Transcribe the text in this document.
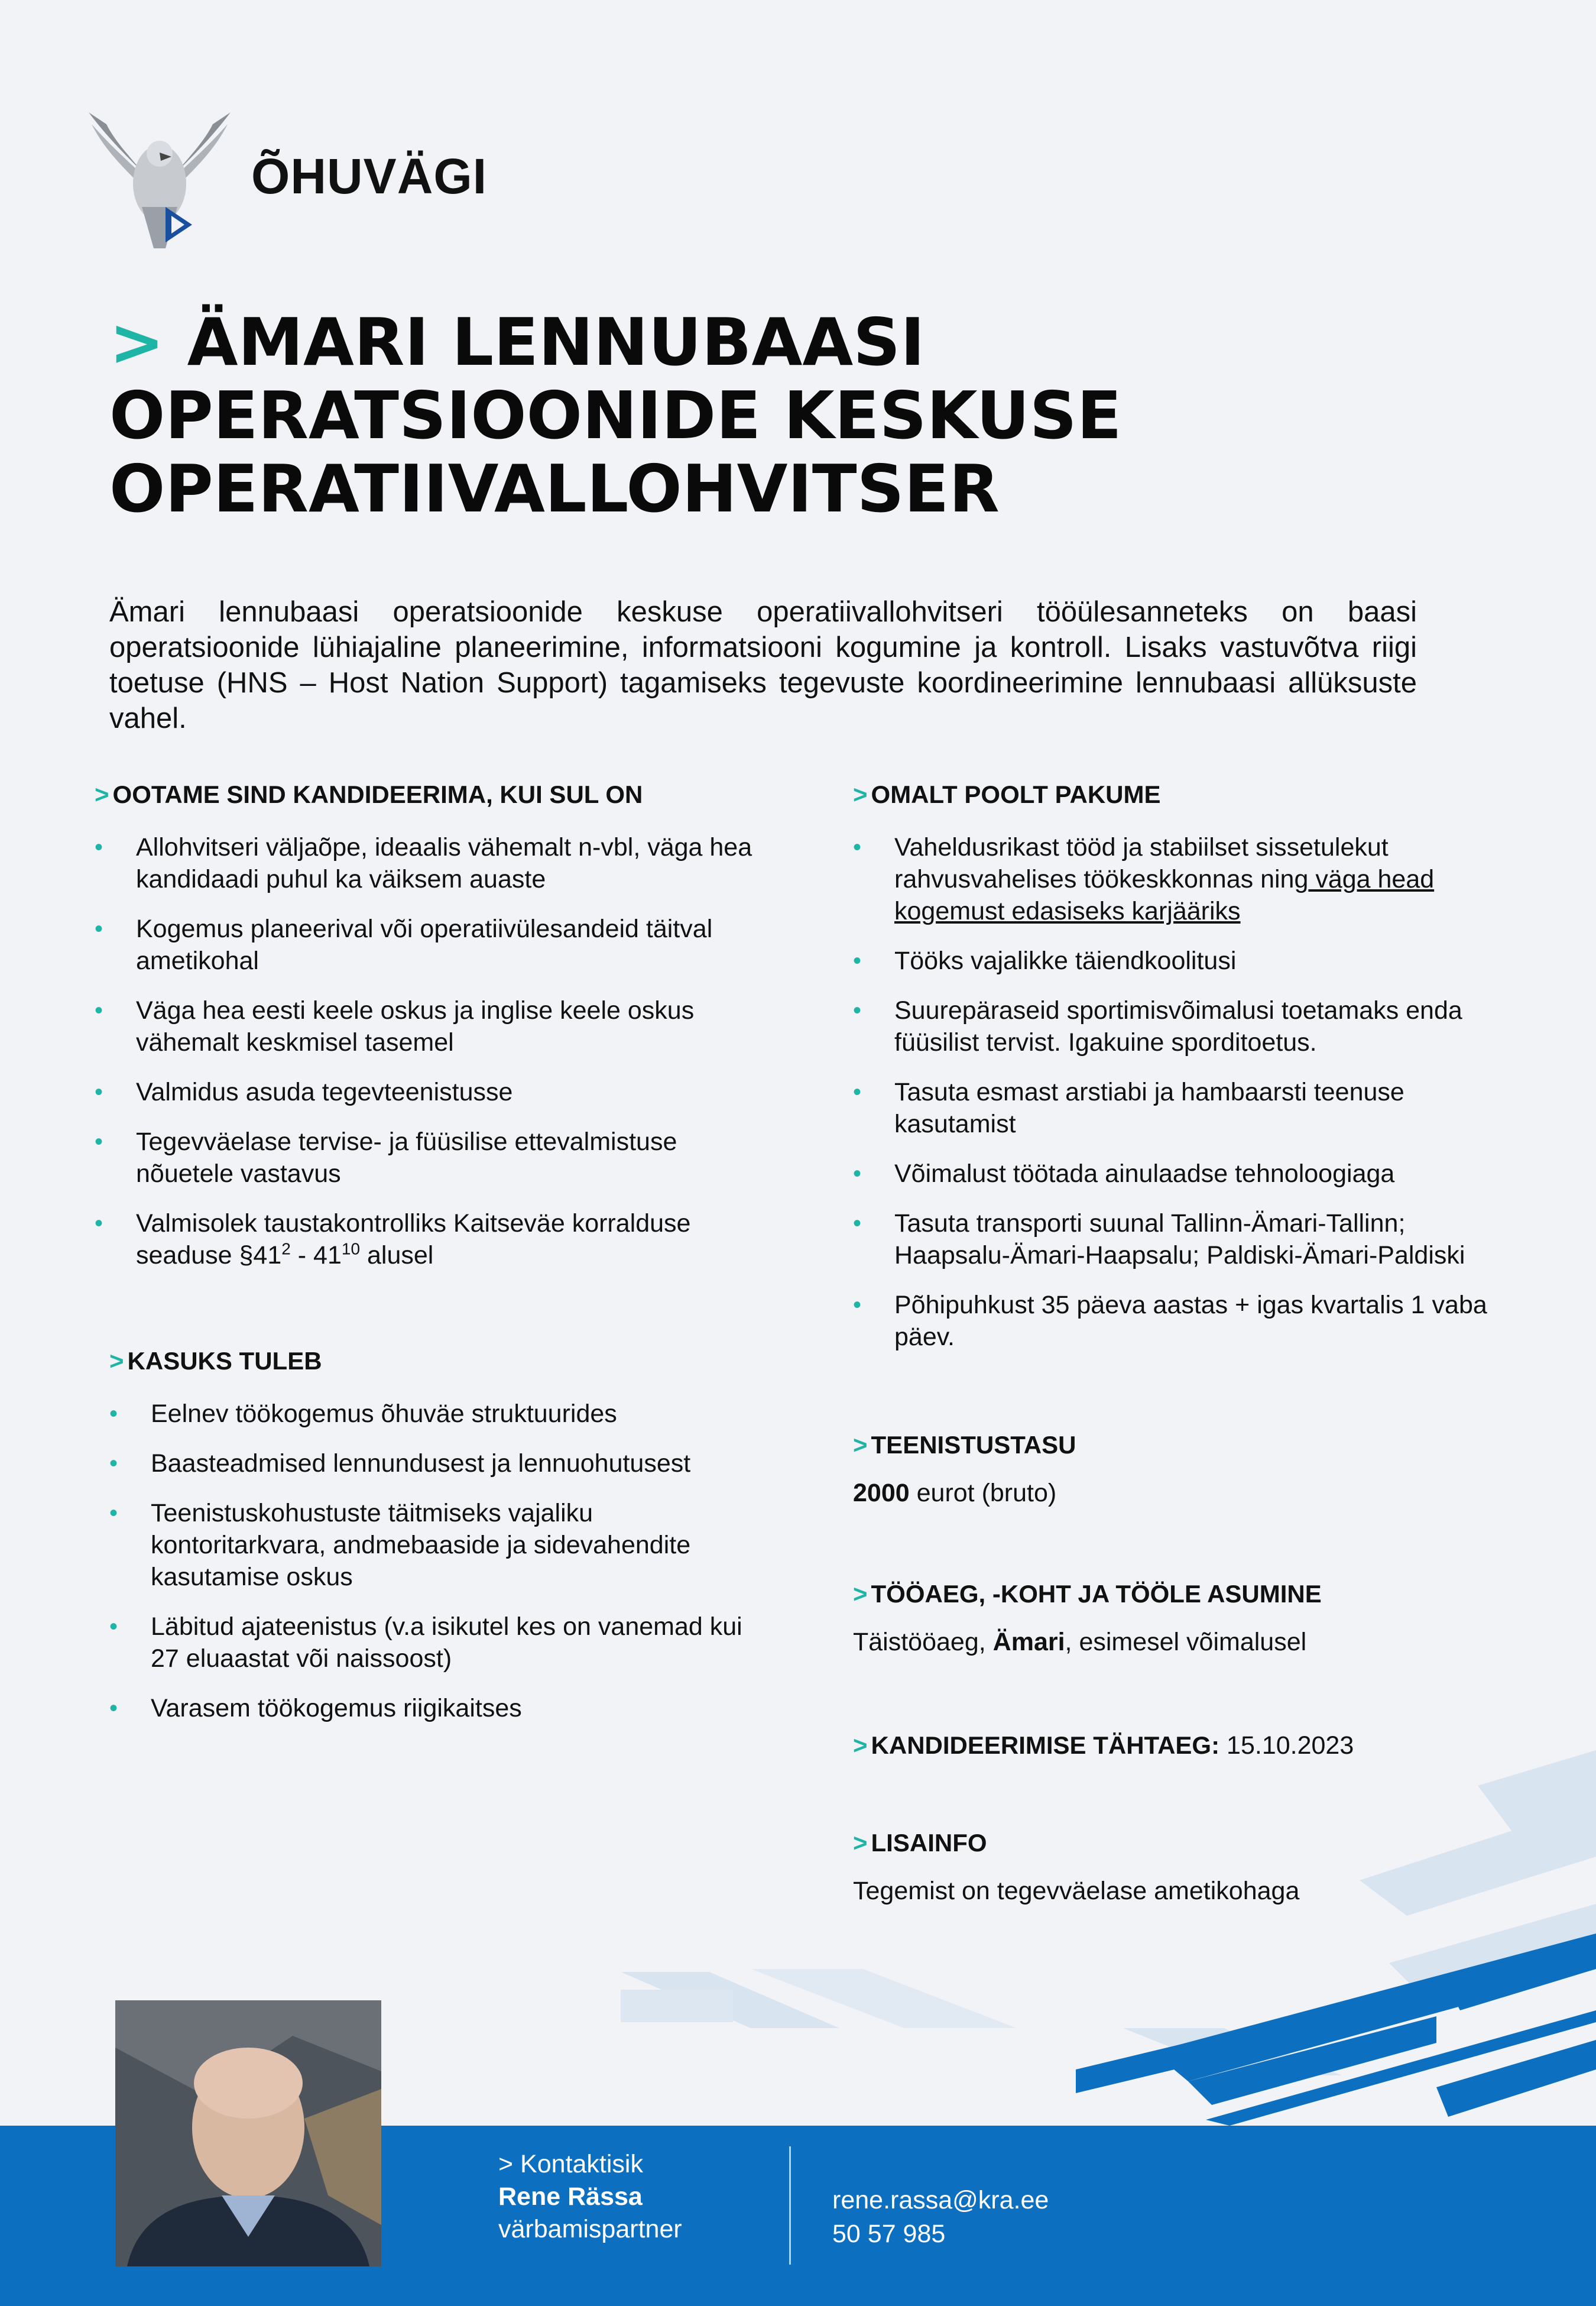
ÕHUVÄGI
> ÄMARI LENNUBAASI
OPERATSIOONIDE KESKUSE
OPERATIIVALLOHVITSER
Ämari lennubaasi operatsioonide keskuse operatiivallohvitseri tööülesanneteks on baasi operatsioonide lühiajaline planeerimine, informatsiooni kogumine ja kontroll. Lisaks vastuvõtva riigi toetuse (HNS – Host Nation Support) tagamiseks tegevuste koordineerimine lennubaasi allüksuste vahel.
> OOTAME SIND KANDIDEERIMA, KUI SUL ON
• Allohvitseri väljaõpe, ideaalis vähemalt n-vbl, väga hea kandidaadi puhul ka väiksem auaste
• Kogemus planeerival või operatiivülesandeid täitval ametikohal
• Väga hea eesti keele oskus ja inglise keele oskus vähemalt keskmisel tasemel
• Valmidus asuda tegevteenistusse
• Tegevväelase tervise- ja füüsilise ettevalmistuse nõuetele vastavus
• Valmisolek taustakontrolliks Kaitseväe korralduse seaduse $\S 41^2 - 41^{10}$ alusel
> KASUKS TULEB
• Eelnev töökogemus õhuväe struktuurides
• Baasteadmised lennundusest ja lennuohutusest
• Teenistuskohustuste täitmiseks vajaliku kontoritarkvara, andmebaaside ja sidevahendite kasutamise oskus
• Läbitud ajateenistus (v.a isikutel kes on vanemad kui 27 eluaastat või naissoost)
• Varasem töökogemus riigikaitses
> OMALT POOLT PAKUME
• Vaheldusrikast tööd ja stabiilset sissetulekut rahvusvahelises töökeskkonnas ning väga head kogemust edasiseks karjääriks
• Tööks vajalikke täiendkoolitusi
• Suurepäraseid sportimisvõimalusi toetamaks enda füüsilist tervist. Igakuine sporditoetus.
• Tasuta esmast arstiabi ja hambaarsti teenuse kasutamist
• Võimalust töötada ainulaadse tehnoloogiaga
• Tasuta transporti suunal Tallinn-Ämari-Tallinn; Haapsalu-Ämari-Haapsalu; Paldiski-Ämari-Paldiski
• Põhipuhkust 35 päeva aastas + igas kvartalis 1 vaba päev.
> TEENISTUSTASU
2000 eurot (bruto)
> TÖÖAEG, -KOHT JA TÖÖLE ASUMINE
Täistööaeg, Ämari, esimesel võimalusel
> KANDIDEERIMISE TÄHTAEG: 15.10.2023
> LISAINFO
Tegemist on tegevväelase ametikohaga
> Kontaktisik
Rene Rässa
värbamispartner
rene.rassa@kra.ee
50 57 985
